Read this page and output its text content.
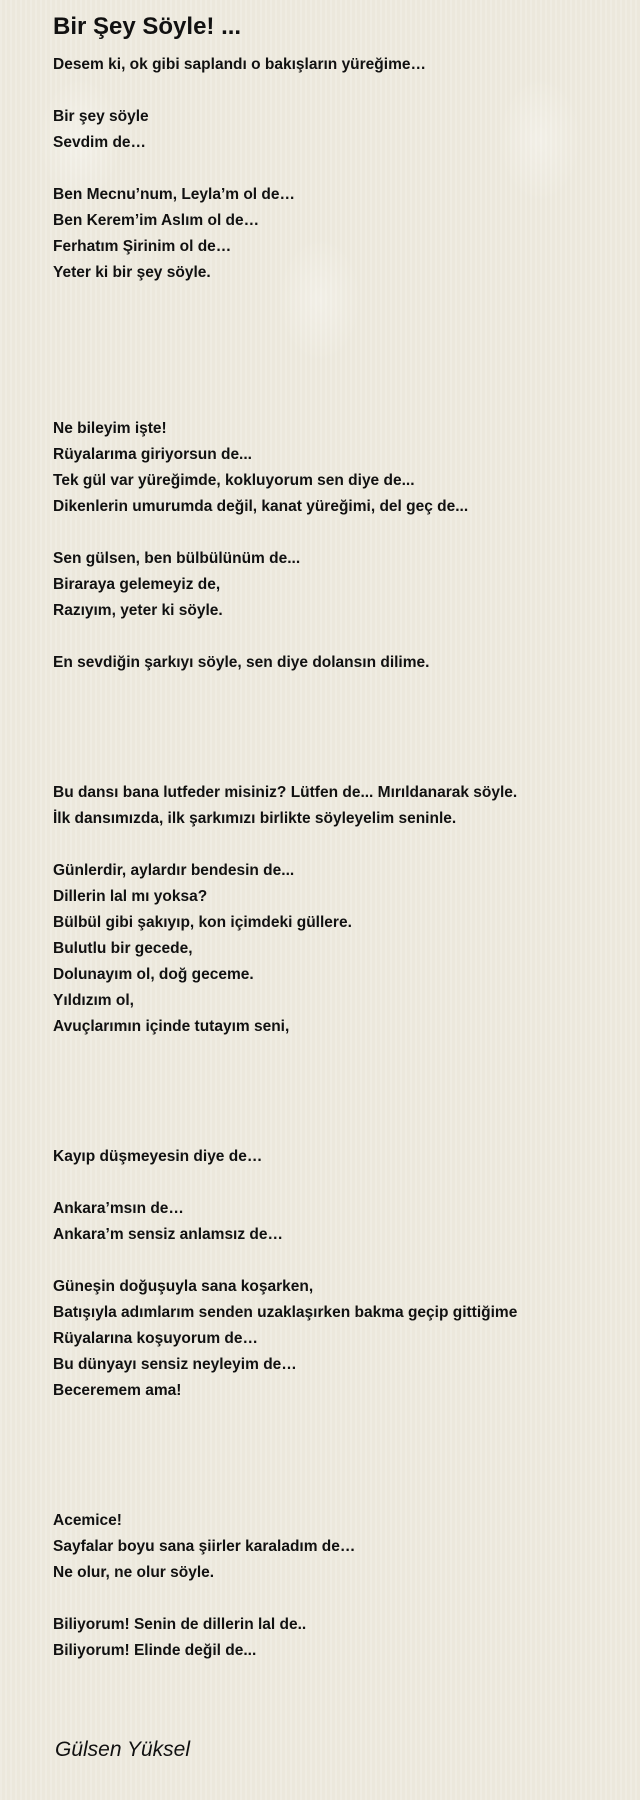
Bir Şey Söyle! ...
Desem ki, ok gibi saplandı o bakışların yüreğime…
Bir şey söyle
Sevdim de…
Ben Mecnu’num, Leyla’m ol de…
Ben Kerem’im Aslım ol de…
Ferhatım Şirinim ol de…
Yeter ki bir şey söyle.
Ne bileyim işte!
Rüyalarıma giriyorsun de...
Tek gül var yüreğimde, kokluyorum sen diye de...
Dikenlerin umurumda değil, kanat yüreğimi, del geç de...
Sen gülsen, ben bülbülünüm de...
Biraraya gelemeyiz de,
Razıyım, yeter ki söyle.
En sevdiğin şarkıyı söyle, sen diye dolansın dilime.
Bu dansı bana lutfeder misiniz? Lütfen de... Mırıldanarak söyle.
İlk dansımızda, ilk şarkımızı birlikte söyleyelim seninle.
Günlerdir, aylardır bendesin de...
Dillerin lal mı yoksa?
Bülbül gibi şakıyıp, kon içimdeki güllere.
Bulutlu bir gecede,
Dolunayım ol, doğ geceme.
Yıldızım ol,
Avuçlarımın içinde tutayım seni,
Kayıp düşmeyesin diye de…
Ankara’msın de…
Ankara’m sensiz anlamsız de…
Güneşin doğuşuyla sana koşarken,
Batışıyla adımlarım senden uzaklaşırken bakma geçip gittiğime
Rüyalarına koşuyorum de…
Bu dünyayı sensiz neyleyim de…
Beceremem ama!
Acemice!
Sayfalar boyu sana şiirler karaladım de…
Ne olur, ne olur söyle.
Biliyorum! Senin de dillerin lal de..
Biliyorum! Elinde değil de...
Gülsen Yüksel
